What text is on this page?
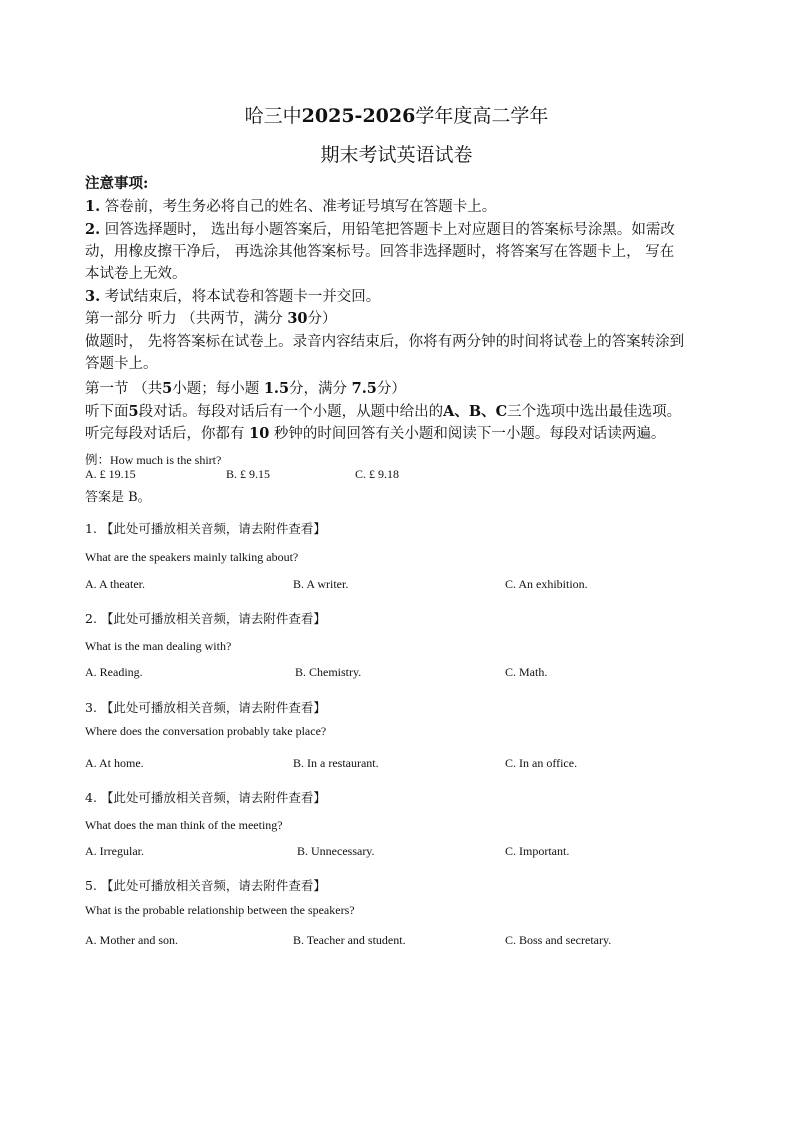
哈三中2025-2026学年度高二学年
期末考试英语试卷
注意事项:
1. 答卷前，考生务必将自己的姓名、准考证号填写在答题卡上。
2. 回答选择题时， 选出每小题答案后，用铅笔把答题卡上对应题目的答案标号涂黑。如需改
动，用橡皮擦干净后， 再选涂其他答案标号。回答非选择题时，将答案写在答题卡上， 写在
本试卷上无效。
3. 考试结束后，将本试卷和答题卡一并交回。
第一部分 听力 （共两节，满分 30分）
做题时， 先将答案标在试卷上。录音内容结束后，你将有两分钟的时间将试卷上的答案转涂到
答题卡上。
第一节 （共5小题；每小题 1.5分，满分 7.5分）
听下面5段对话。每段对话后有一个小题，从题中给出的A、B、C三个选项中选出最佳选项。
听完每段对话后，你都有 10 秒钟的时间回答有关小题和阅读下一小题。每段对话读两遍。
例：How much is the shirt?
A. £ 19.15	B. £ 9.15	C. £ 9.18
答案是 B。
1. 【此处可播放相关音频，请去附件查看】
What are the speakers mainly talking about?
A. A theater.	B. A writer.	C. An exhibition.
2. 【此处可播放相关音频，请去附件查看】
What is the man dealing with?
A. Reading.	B. Chemistry.	C. Math.
3. 【此处可播放相关音频，请去附件查看】
Where does the conversation probably take place?
A. At home.	B. In a restaurant.	C. In an office.
4. 【此处可播放相关音频，请去附件查看】
What does the man think of the meeting?
A. Irregular.	B. Unnecessary.	C. Important.
5. 【此处可播放相关音频，请去附件查看】
What is the probable relationship between the speakers?
A. Mother and son.	B. Teacher and student.	C. Boss and secretary.
